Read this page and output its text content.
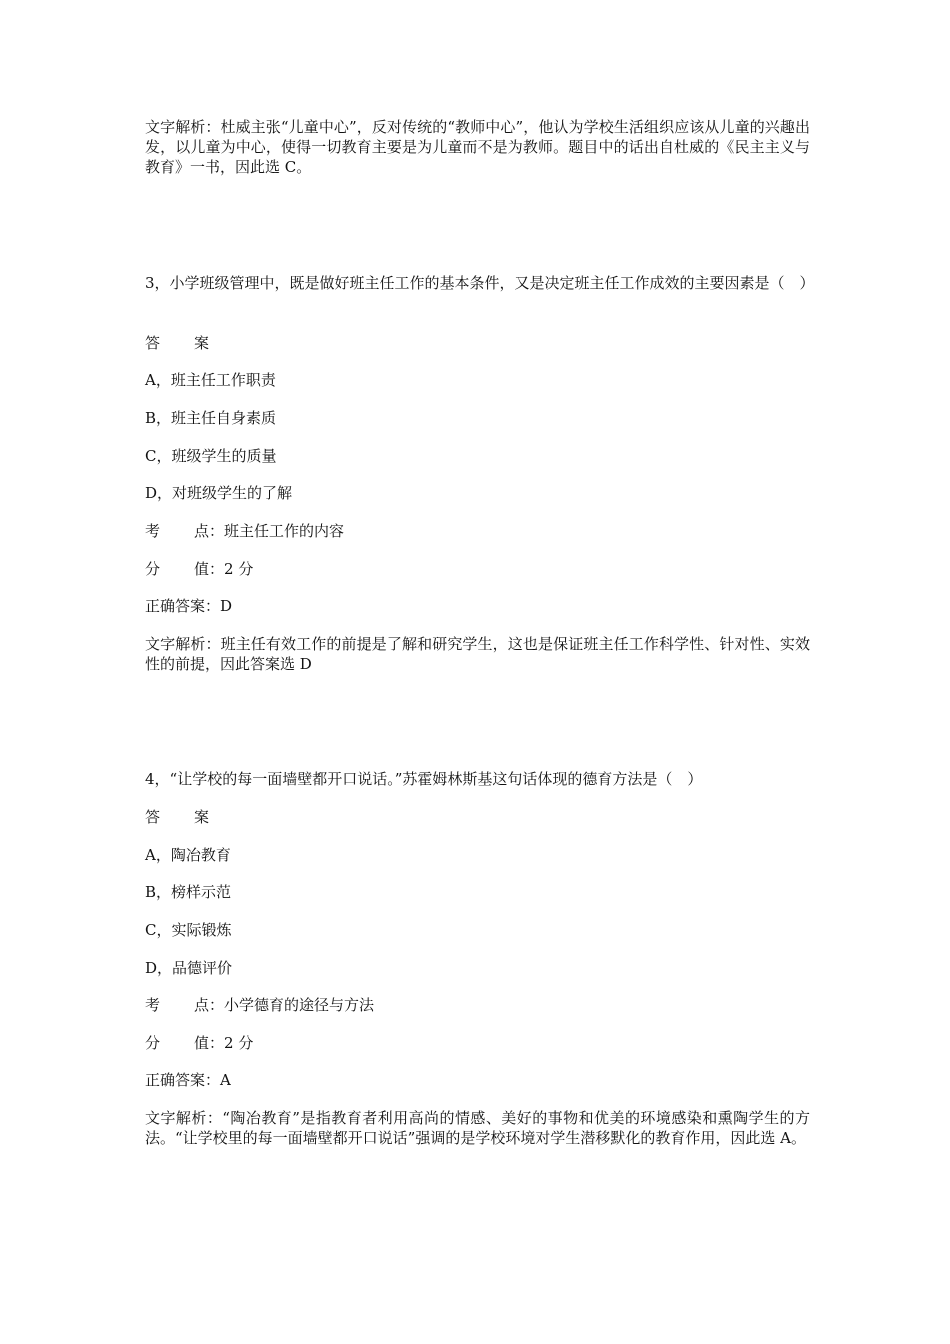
文字解析：杜威主张“儿童中心”，反对传统的“教师中心”，他认为学校生活组织应该从儿童的兴趣出发，以儿童为中心，使得一切教育主要是为儿童而不是为教师。题目中的话出自杜威的《民主主义与教育》一书，因此选 C。

3，小学班级管理中，既是做好班主任工作的基本条件，又是决定班主任工作成效的主要因素是（　）

答 案

A，班主任工作职责

B，班主任自身素质

C，班级学生的质量

D，对班级学生的了解

考 点：班主任工作的内容

分 值：2 分

正确答案：D

文字解析：班主任有效工作的前提是了解和研究学生，这也是保证班主任工作科学性、针对性、实效性的前提，因此答案选 D

4，“让学校的每一面墙壁都开口说话。”苏霍姆林斯基这句话体现的德育方法是（　）

答 案

A，陶冶教育

B，榜样示范

C，实际锻炼

D，品德评价

考 点：小学德育的途径与方法

分 值：2 分

正确答案：A

文字解析：“陶冶教育”是指教育者利用高尚的情感、美好的事物和优美的环境感染和熏陶学生的方法。“让学校里的每一面墙壁都开口说话”强调的是学校环境对学生潜移默化的教育作用，因此选 A。
